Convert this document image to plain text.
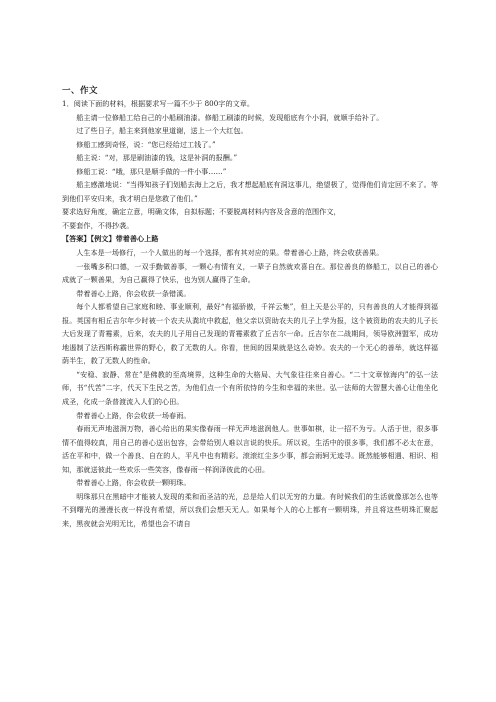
一、作文

1．阅读下面的材料，根据要求写一篇不少于 800字的文章。

船主请一位修船工给自己的小船刷油漆。修船工刷漆的时候，发现船底有个小洞，就顺手给补了。

过了些日子，船主来到他家里道谢，送上一个大红包。

修船工感到奇怪，说：“您已经给过工钱了。”

船主说：“对，那是刷油漆的钱，这是补洞的报酬。”

修船工说：“哦，那只是顺手做的一件小事……”

船主感激地说：“当得知孩子们划船去海上之后，我才想起船底有洞这事儿，绝望极了，觉得他们肯定回不来了。等到他们平安归来，我才明白是您救了他们。”

要求选好角度，确定立意，明确文体，自拟标题；不要脱离材料内容及含意的范围作文，

不要套作，不得抄袭。

【答案】【例文】带着善心上路

人生本是一场修行，一个人做出的每一个选择，都有其对应的果。带着善心上路，终会收获善果。

一张嘴多积口德，一双手勤做善事，一颗心有情有义，一辈子自然就欢喜自在。那位善良的修船工，以自己的善心成就了一颗善果，为自己赢得了快乐，也为别人赢得了生命。

带着善心上路，你会收获一条错溪。

每个人都希望自己家庭和睦、事业顺利，最好“有福骄傲，千祥云集”，但上天是公平的，只有善良的人才能得到福报。英国有相丘吉尔年少时被一个农夫从粪坑中救起，他父亲以资助农夫的儿子上学为报，这个被资助的农夫的儿子长大后发现了青霉素，后来，农夫的儿子用自己发现的青霉素救了丘吉尔一命。丘吉尔在二战期间，领导欧洲盟军，成功地遏制了法西斯称霸世界的野心，救了无数的人。你看，世间的因果就是这么奇妙。农夫的一个无心的善举，就这样福荫半生，救了无数人的性命。

“安稳、寂静、常在”是佛教的至高境界，这种生命的大格局、大气象往往来自善心。“二十文章惊海内”的弘一法师，书“代苦”二字，代天下生民之苦，为他们点一个有所依恃的今生和幸福的来世。弘一法师的大智慧大善心让他坐化成圣，化成一条普渡流入人们的心田。

带着善心上路，你会收获一场春雨。

春雨无声地滋润万物，善心给出的果实像春雨一样无声地滋润他人。世事如棋，让一招不为亏。人活于世，很多事情不值得较真，用自己的善心送出包容，会带给别人难以言说的快乐。所以说，生活中的很多事，我们都不必太在意，活在平和中，做一个善良、自在的人，平凡中也有精彩。滚滚红尘多少事，都会雨轲无迹寻。既然能够相遇、相识、相知，那就送彼此一些欢乐一些笑容，像春雨一样润泽彼此的心田。

带着善心上路，你会收获一颗明珠。

明珠那只在黑暗中才能被人发现的柔和而圣洁的光，总是给人们以无穷的力量。有时候我们的生活就像那怎么也等不到曙光的漫漫长夜一样没有希望，所以我们会想天无人。如果每个人的心上都有一颗明珠，并且将这些明珠汇聚起来，黑夜就会光明无比，希望也会不请自
